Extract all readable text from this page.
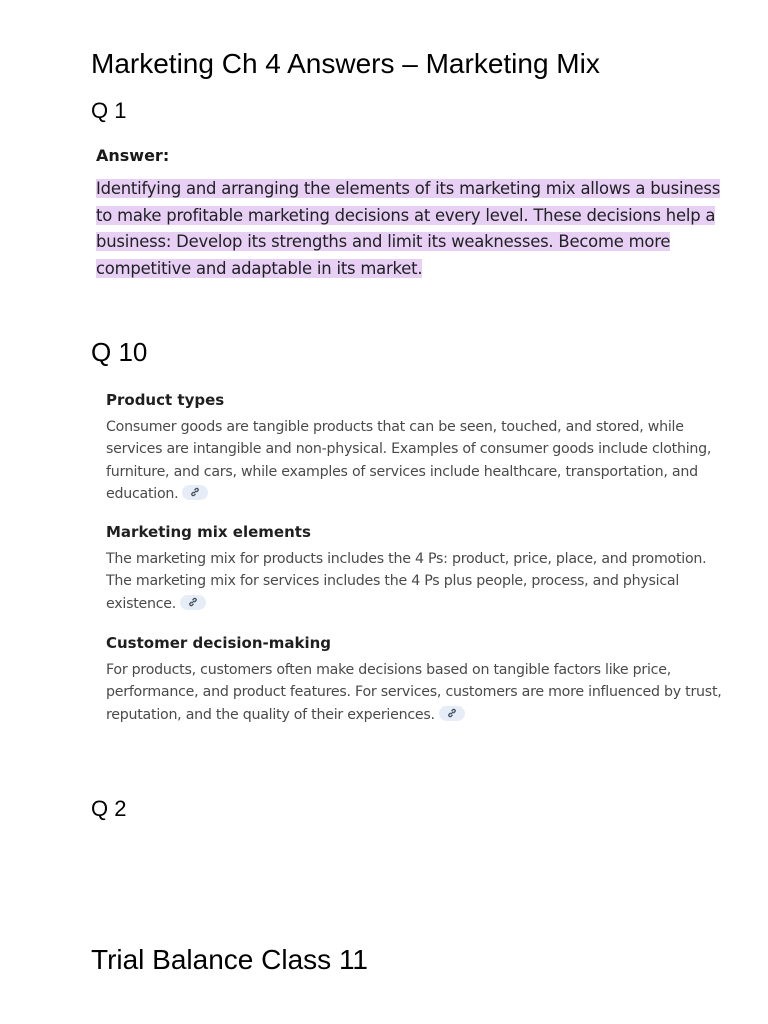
Marketing Ch 4 Answers – Marketing Mix
Q 1
Answer:
Identifying and arranging the elements of its marketing mix allows a business to make profitable marketing decisions at every level. These decisions help a business: Develop its strengths and limit its weaknesses. Become more competitive and adaptable in its market.
Q 10

Product types

Consumer goods are tangible products that can be seen, touched, and stored, while services are intangible and non-physical. Examples of consumer goods include clothing, furniture, and cars, while examples of services include healthcare, transportation, and education.

Marketing mix elements

The marketing mix for products includes the 4 Ps: product, price, place, and promotion. The marketing mix for services includes the 4 Ps plus people, process, and physical existence.

Customer decision-making

For products, customers often make decisions based on tangible factors like price, performance, and product features. For services, customers are more influenced by trust, reputation, and the quality of their experiences.

Q 2
Trial Balance Class 11
